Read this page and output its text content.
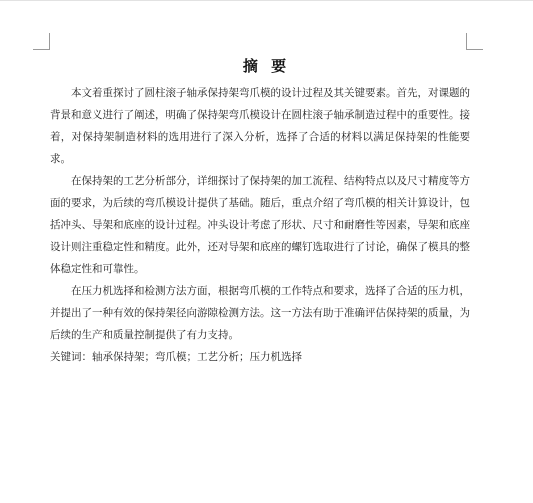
摘 要

本文着重探讨了圆柱滚子轴承保持架弯爪模的设计过程及其关键要素。首先，对课题的背景和意义进行了阐述，明确了保持架弯爪模设计在圆柱滚子轴承制造过程中的重要性。接着，对保持架制造材料的选用进行了深入分析，选择了合适的材料以满足保持架的性能要求。

在保持架的工艺分析部分，详细探讨了保持架的加工流程、结构特点以及尺寸精度等方面的要求，为后续的弯爪模设计提供了基础。随后，重点介绍了弯爪模的相关计算设计，包括冲头、导架和底座的设计过程。冲头设计考虑了形状、尺寸和耐磨性等因素，导架和底座设计则注重稳定性和精度。此外，还对导架和底座的螺钉选取进行了讨论，确保了模具的整体稳定性和可靠性。

在压力机选择和检测方法方面，根据弯爪模的工作特点和要求，选择了合适的压力机，并提出了一种有效的保持架径向游隙检测方法。这一方法有助于准确评估保持架的质量，为后续的生产和质量控制提供了有力支持。

关键词：轴承保持架；弯爪模；工艺分析；压力机选择
